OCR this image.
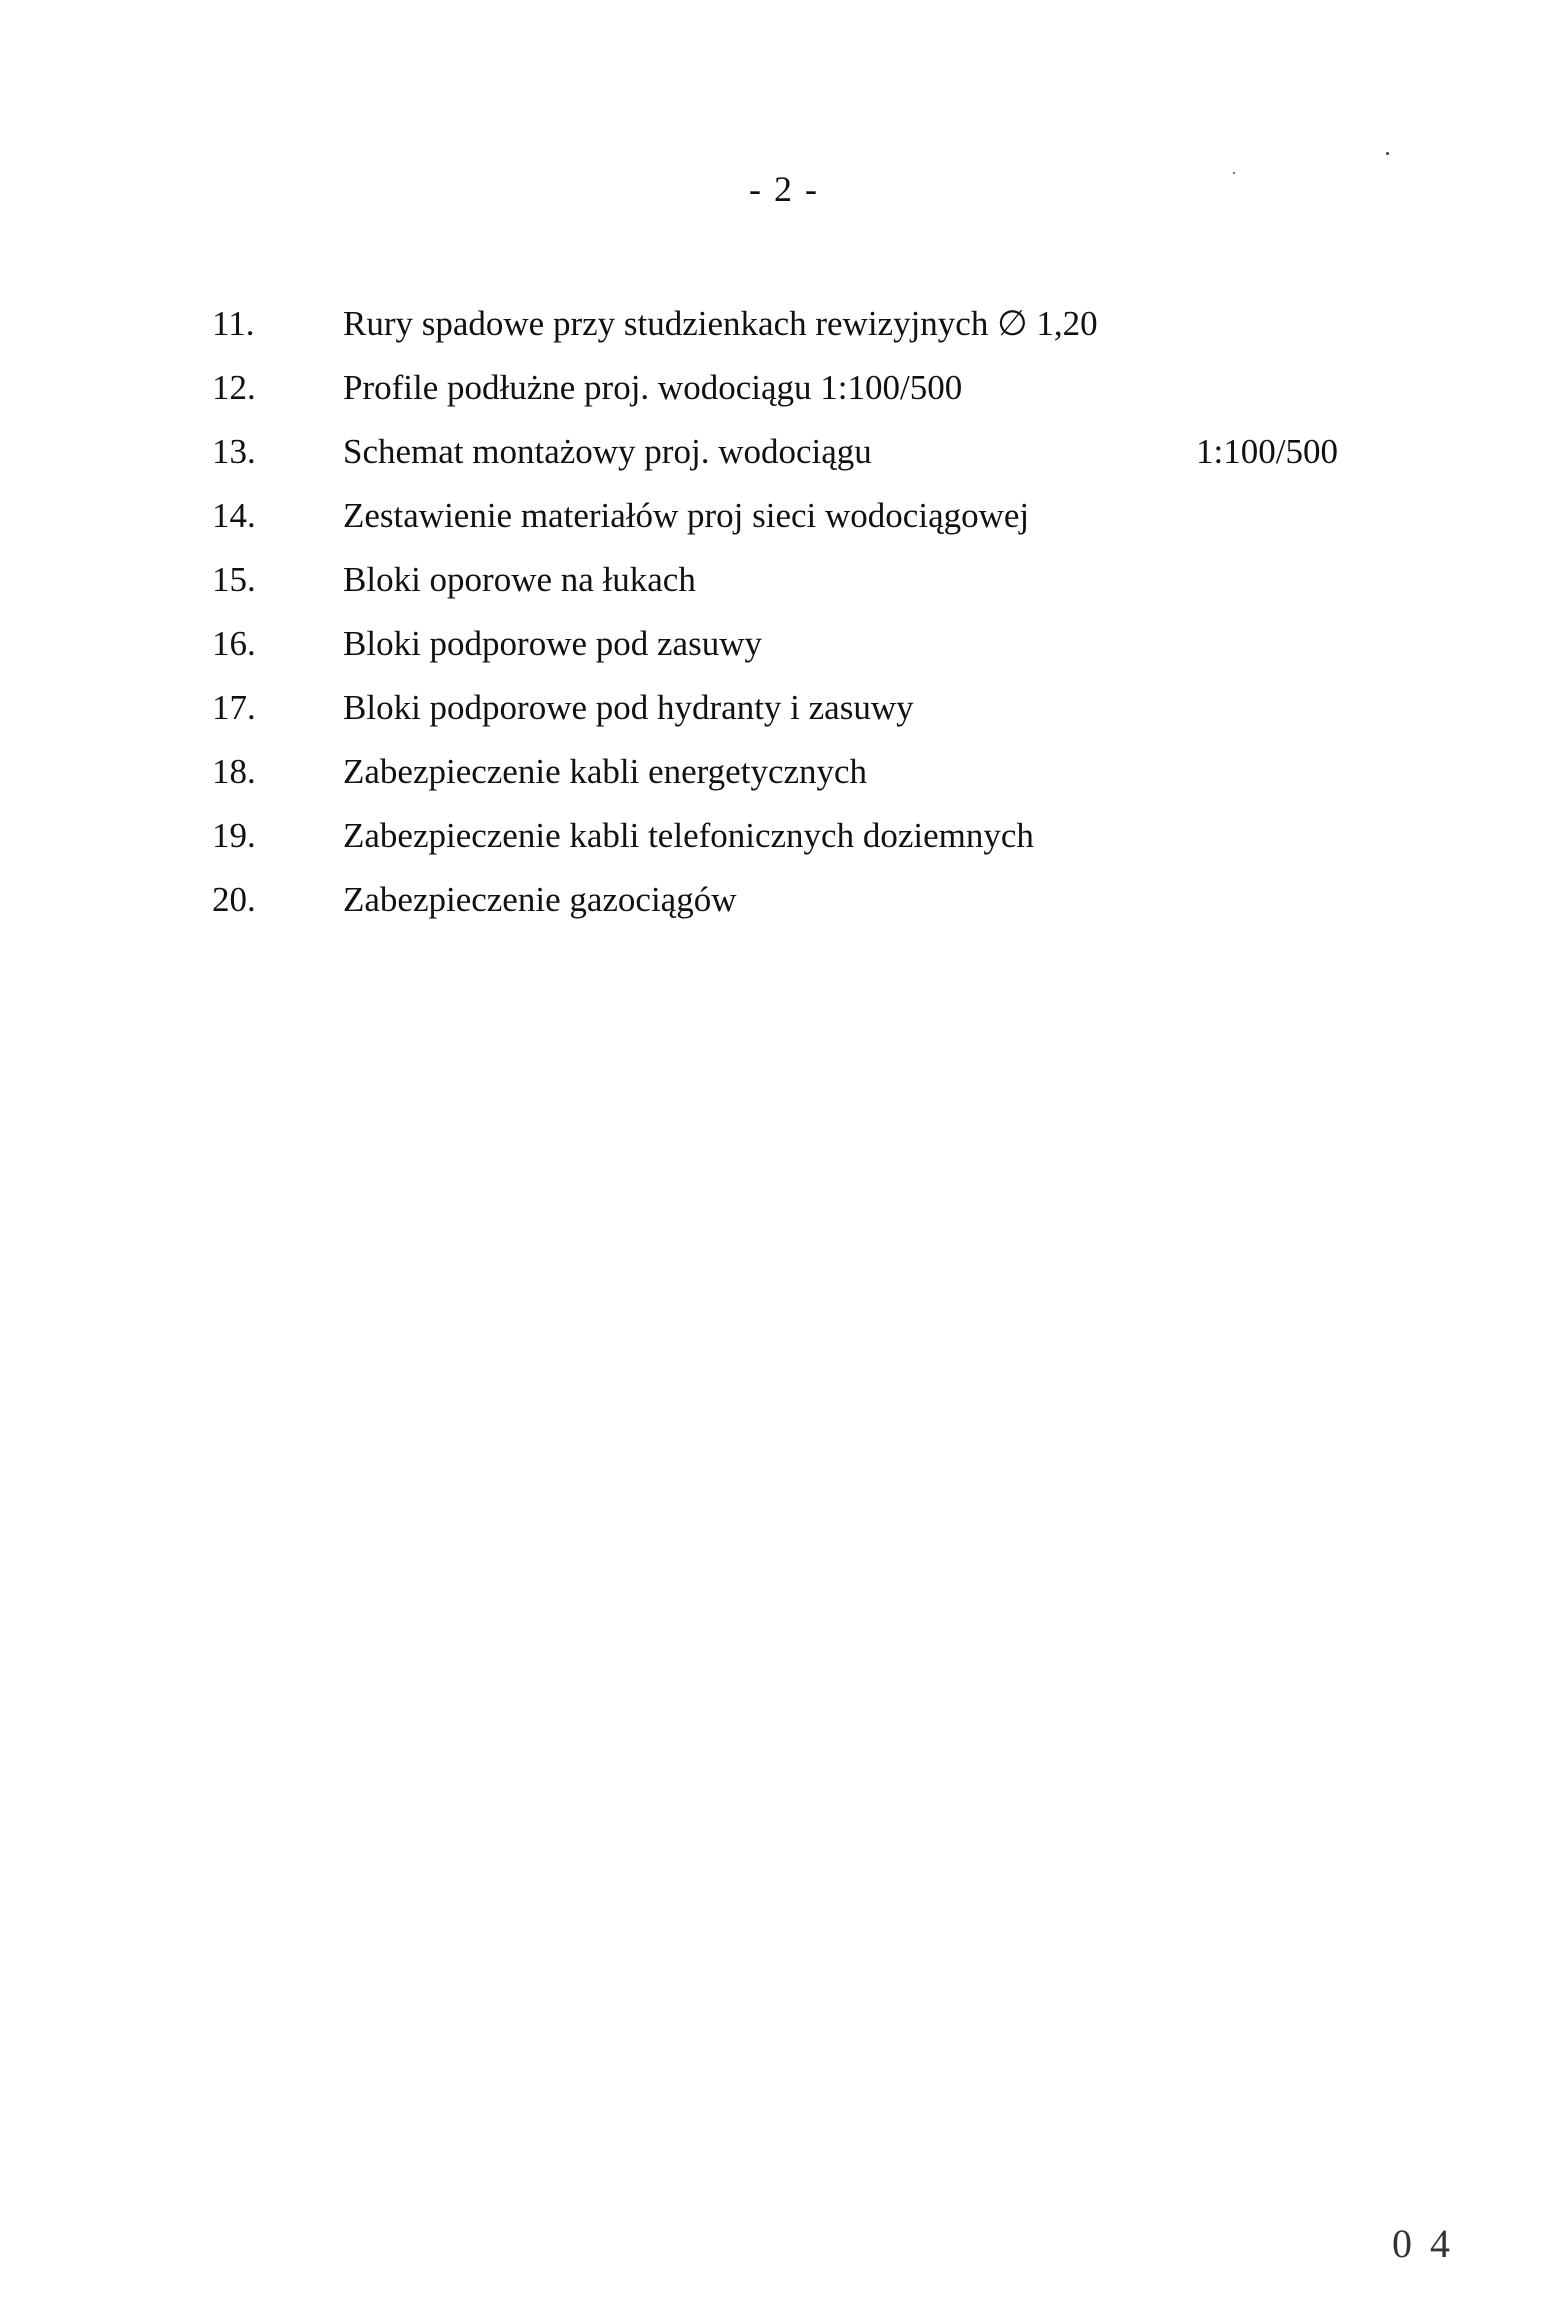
- 2 -
11.	Rury spadowe przy studzienkach rewizyjnych ∅ 1,20
12. Profile podłużne proj. wodociągu 1:100/500
13. Schemat montażowy proj. wodociągu	1:100/500
14. Zestawienie materiałów proj sieci wodociągowej
15. Bloki oporowe na łukach
16. Bloki podporowe pod zasuwy
17. Bloki podporowe pod hydranty i zasuwy
18. Zabezpieczenie kabli energetycznych
19. Zabezpieczenie kabli telefonicznych doziemnych
20. Zabezpieczenie gazociągów
0 4
